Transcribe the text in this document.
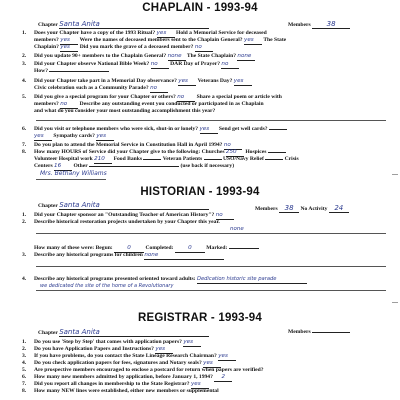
CHAPLAIN - 1993-94
Chapter Santa Anita	Members 38
1. Does your Chapter have a copy of the 1993 Ritual? yes Hold a Memorial Service for deceased
members? yes Were the names of deceased members sent to the Chaplain General? yes The State
Chaplain? yes Did you mark the grave of a deceased member? no
2. Did you update 90+ members to the Chaplain General? none The State Chaplain? none
3. Did your Chapter observe National Bible Week? no DAR Day of Prayer? no
How?
4. Did your Chapter take part in a Memorial Day observance? yes Veterans Day? yes
Civic celebration such as a Community Parade? no
5. Did you give a special program for your Chapter or others? no Share a special poem or article with
members? no Describe any outstanding event you conducted or participated in as Chaplain
and what do you consider your most outstanding accomplishment this year?
6. Did you visit or telephone members who were sick, shut-in or lonely? yes Send get well cards?
yes Sympathy cards? yes
7. Do you plan to attend the Memorial Service in Constitution Hall in April 1994? no
8. How many HOURS of Service did your Chapter give to the following: Churches 250 Hospices
Volunteer Hospital work 210 Food Banks	Veteran Patients	USO/Navy Relief	Crisis
Centers 16 Other	(use back if necessary)
Mrs. Bethany Williams	—
HISTORIAN - 1993-94
Chapter Santa Anita	Members 38 No Activity 24
1. Did your Chapter sponsor an "Outstanding Teacher of American History"? no
2. Describe historical restoration projects undertaken by your Chapter this year.
none
How many of these were: Begun:	0	Completed:	0	Marked:
3. Describe any historical programs for children none
4. Describe any historical programs presented oriented toward adults: Dedication historic site parade
we dedicated the site of the home of a Revolutionary
—
REGISTRAR - 1993-94
Chapter Santa Anita	Members
1. Do you use 'Step by Step' that comes with application papers? yes
2. Do you have Application Papers and Instructions? yes
3. If you have problems, do you contact the State Lineage Research Chairman? yes
4. Do you check application papers for fees, signatures and Notary seals? yes
5. Are prospective members encouraged to enclose a postcard for return when papers are verified?
6. How many new members admitted by application, before January 1, 1994? 2
7. Did you report all changes in membership to the State Registrar? yes
8. How many NEW lines were established, either new members or supplemental
